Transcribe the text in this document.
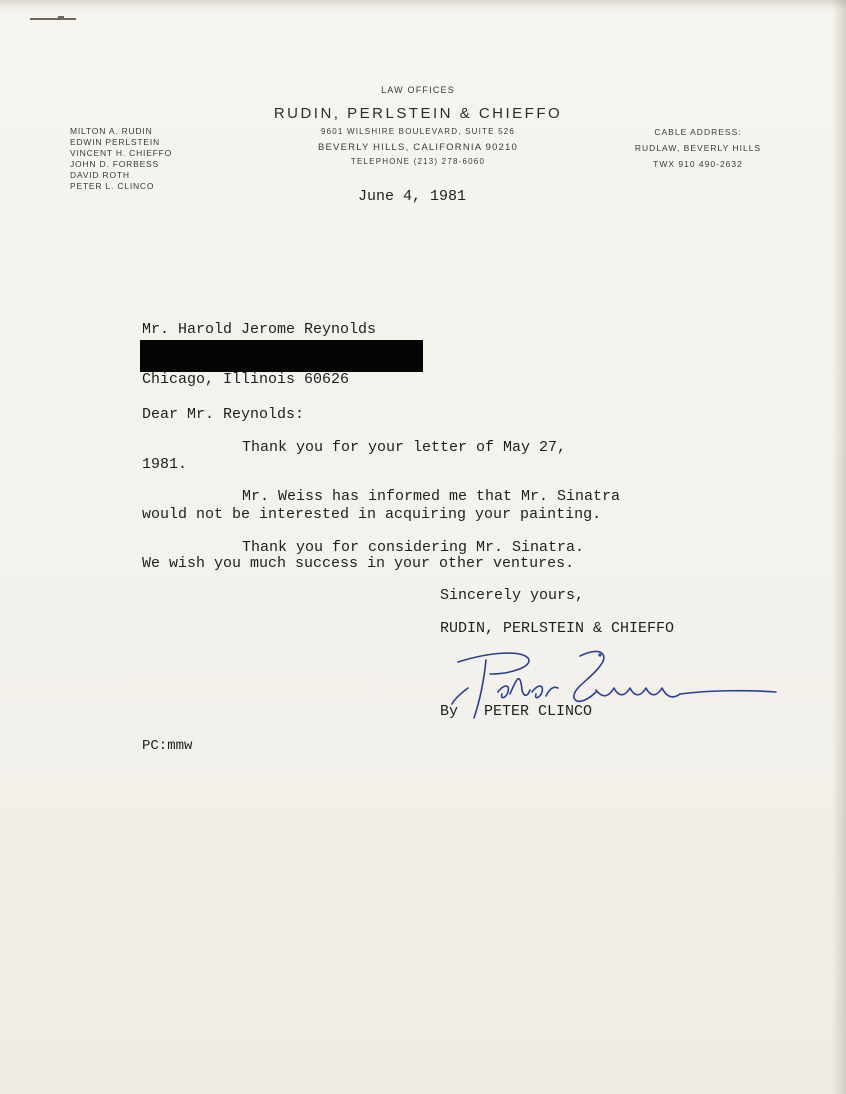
LAW OFFICES
RUDIN, PERLSTEIN & CHIEFFO
9601 WILSHIRE BOULEVARD, SUITE 526
BEVERLY HILLS, CALIFORNIA 90210
TELEPHONE (213) 278-6060
MILTON A. RUDIN
EDWIN PERLSTEIN
VINCENT H. CHIEFFO
JOHN D. FORBESS
DAVID ROTH
PETER L. CLINCO
CABLE ADDRESS:
RUDLAW, BEVERLY HILLS
TWX 910 490-2632
June 4, 1981
Mr. Harold Jerome Reynolds
Chicago, Illinois 60626
Dear Mr. Reynolds:
Thank you for your letter of May 27,
1981.
Mr. Weiss has informed me that Mr. Sinatra
would not be interested in acquiring your painting.
Thank you for considering Mr. Sinatra.
We wish you much success in your other ventures.
Sincerely yours,
RUDIN, PERLSTEIN & CHIEFFO
By PETER CLINCO
PC:mmw
